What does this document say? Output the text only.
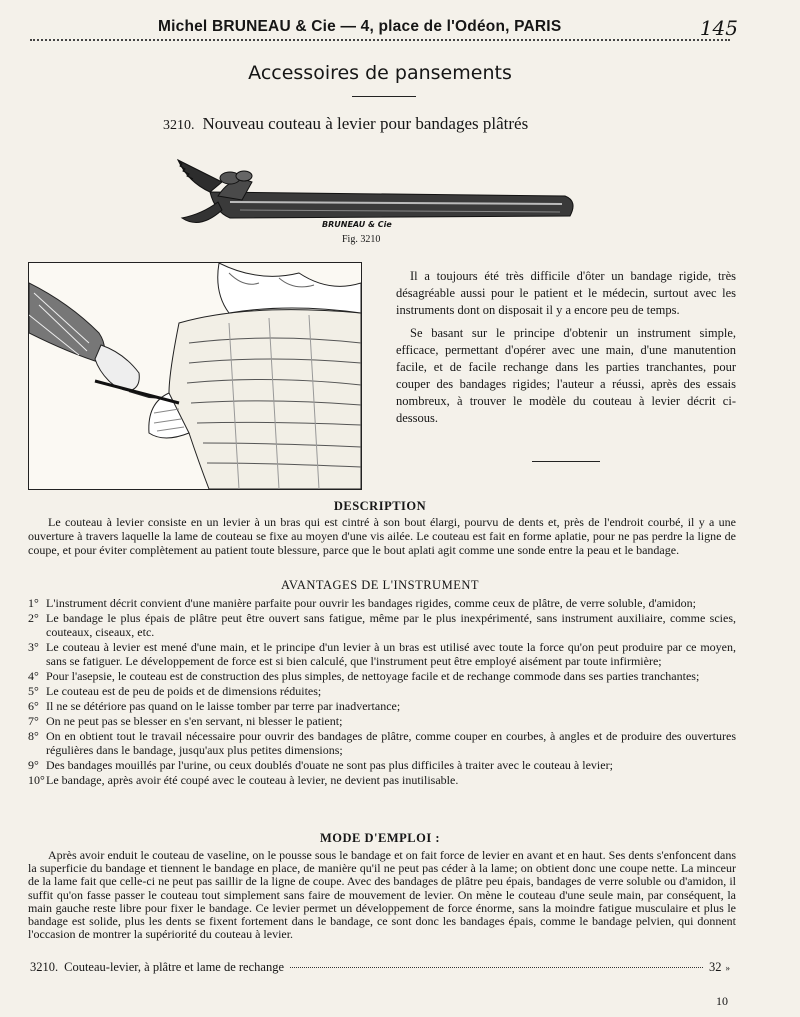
Michel BRUNEAU & Cie — 4, place de l'Odéon, PARIS	145
Accessoires de pansements
3210. Nouveau couteau à levier pour bandages plâtrés
BRUNEAU & Cie
Fig. 3210

Il a toujours été très difficile d'ôter un bandage rigide, très désagréable aussi pour le patient et le médecin, surtout avec les instruments dont on disposait il y a encore peu de temps.

Se basant sur le principe d'obtenir un instrument simple, efficace, permettant d'opérer avec une main, d'une manutention facile, et de facile rechange dans les parties tranchantes, pour couper des bandages rigides; l'auteur a réussi, après des essais nombreux, à trouver le modèle du couteau à levier décrit ci-dessous.

DESCRIPTION

Le couteau à levier consiste en un levier à un bras qui est cintré à son bout élargi, pourvu de dents et, près de l'endroit courbé, il y a une ouverture à travers laquelle la lame de couteau se fixe au moyen d'une vis ailée. Le couteau est fait en forme aplatie, pour ne pas perdre la ligne de coupe, et pour éviter complètement au patient toute blessure, parce que le bout aplati agit comme une sonde entre la peau et le bandage.

AVANTAGES DE L'INSTRUMENT
1° L'instrument décrit convient d'une manière parfaite pour ouvrir les bandages rigides, comme ceux de plâtre, de verre soluble, d'amidon;
2° Le bandage le plus épais de plâtre peut être ouvert sans fatigue, même par le plus inexpérimenté, sans instrument auxiliaire, comme scies, couteaux, ciseaux, etc.
3° Le couteau à levier est mené d'une main, et le principe d'un levier à un bras est utilisé avec toute la force qu'on peut produire par ce moyen, sans se fatiguer. Le développement de force est si bien calculé, que l'instrument peut être employé aisément par toute infirmière;
4° Pour l'asepsie, le couteau est de construction des plus simples, de nettoyage facile et de rechange commode dans ses parties tranchantes;
5° Le couteau est de peu de poids et de dimensions réduites;
6° Il ne se détériore pas quand on le laisse tomber par terre par inadvertance;
7° On ne peut pas se blesser en s'en servant, ni blesser le patient;
8° On en obtient tout le travail nécessaire pour ouvrir des bandages de plâtre, comme couper en courbes, à angles et de produire des ouvertures régulières dans le bandage, jusqu'aux plus petites dimensions;
9° Des bandages mouillés par l'urine, ou ceux doublés d'ouate ne sont pas plus difficiles à traiter avec le couteau à levier;
10° Le bandage, après avoir été coupé avec le couteau à levier, ne devient pas inutilisable.
MODE D'EMPLOI :

Après avoir enduit le couteau de vaseline, on le pousse sous le bandage et on fait force de levier en avant et en haut. Ses dents s'enfoncent dans la superficie du bandage et tiennent le bandage en place, de manière qu'il ne peut pas céder à la lame; on obtient donc une coupe nette. La minceur de la lame fait que celle-ci ne peut pas saillir de la ligne de coupe. Avec des bandages de plâtre peu épais, bandages de verre soluble ou d'amidon, il suffit qu'on fasse passer le couteau tout simplement sans faire de mouvement de levier. On mène le couteau d'une seule main, par conséquent, la main gauche reste libre pour fixer le bandage. Ce levier permet un développement de force énorme, sans la moindre fatigue musculaire et plus le bandage est solide, plus les dents se fixent fortement dans le bandage, ce sont donc les bandages épais, comme le bandage pelvien, qui donnent l'occasion de montrer la supériorité du couteau à levier.

3210. Couteau-levier, à plâtre et lame de rechange	32 »
10
